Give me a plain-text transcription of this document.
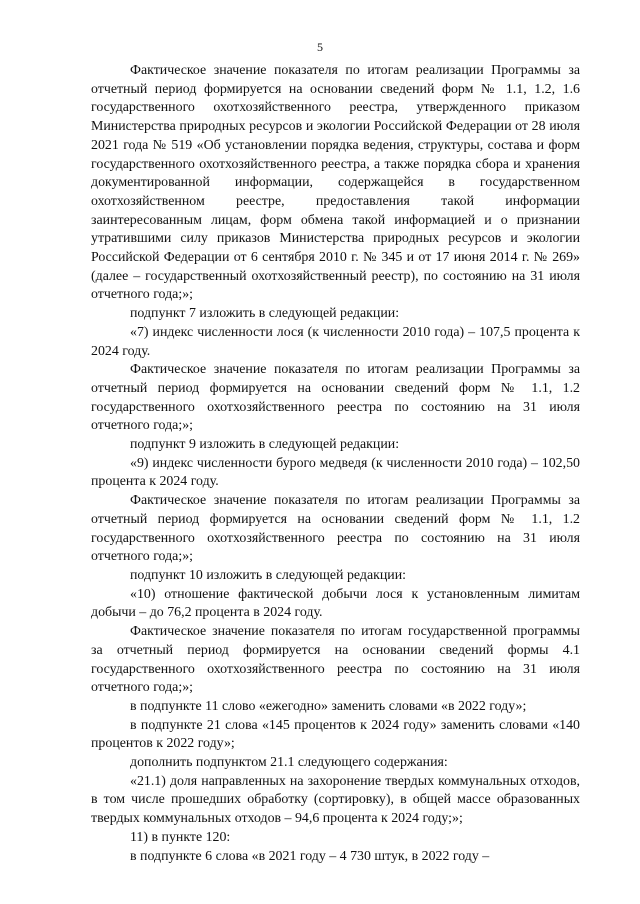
5

Фактическое значение показателя по итогам реализации Программы за отчетный период формируется на основании сведений форм № 1.1, 1.2, 1.6 государственного охотхозяйственного реестра, утвержденного приказом Министерства природных ресурсов и экологии Российской Федерации от 28 июля 2021 года № 519 «Об установлении порядка ведения, структуры, состава и форм государственного охотхозяйственного реестра, а также порядка сбора и хранения документированной информации, содержащейся в государственном охотхозяйственном реестре, предоставления такой информации заинтересованным лицам, форм обмена такой информацией и о признании утратившими силу приказов Министерства природных ресурсов и экологии Российской Федерации от 6 сентября 2010 г. № 345 и от 17 июня 2014 г. № 269» (далее – государственный охотхозяйственный реестр), по состоянию на 31 июля отчетного года;»;

подпункт 7 изложить в следующей редакции:

«7) индекс численности лося (к численности 2010 года) – 107,5 процента к 2024 году.

Фактическое значение показателя по итогам реализации Программы за отчетный период формируется на основании сведений форм № 1.1, 1.2 государственного охотхозяйственного реестра по состоянию на 31 июля отчетного года;»;

подпункт 9 изложить в следующей редакции:

«9) индекс численности бурого медведя (к численности 2010 года) – 102,50 процента к 2024 году.

Фактическое значение показателя по итогам реализации Программы за отчетный период формируется на основании сведений форм № 1.1, 1.2 государственного охотхозяйственного реестра по состоянию на 31 июля отчетного года;»;

подпункт 10 изложить в следующей редакции:

«10) отношение фактической добычи лося к установленным лимитам добычи – до 76,2 процента в 2024 году.

Фактическое значение показателя по итогам государственной программы за отчетный период формируется на основании сведений формы 4.1 государственного охотхозяйственного реестра по состоянию на 31 июля отчетного года;»;

в подпункте 11 слово «ежегодно» заменить словами «в 2022 году»;

в подпункте 21 слова «145 процентов к 2024 году» заменить словами «140 процентов к 2022 году»;

дополнить подпунктом 21.1 следующего содержания:

«21.1) доля направленных на захоронение твердых коммунальных отходов, в том числе прошедших обработку (сортировку), в общей массе образованных твердых коммунальных отходов – 94,6 процента к 2024 году;»;

11) в пункте 120:

в подпункте 6 слова «в 2021 году – 4 730 штук, в 2022 году –
